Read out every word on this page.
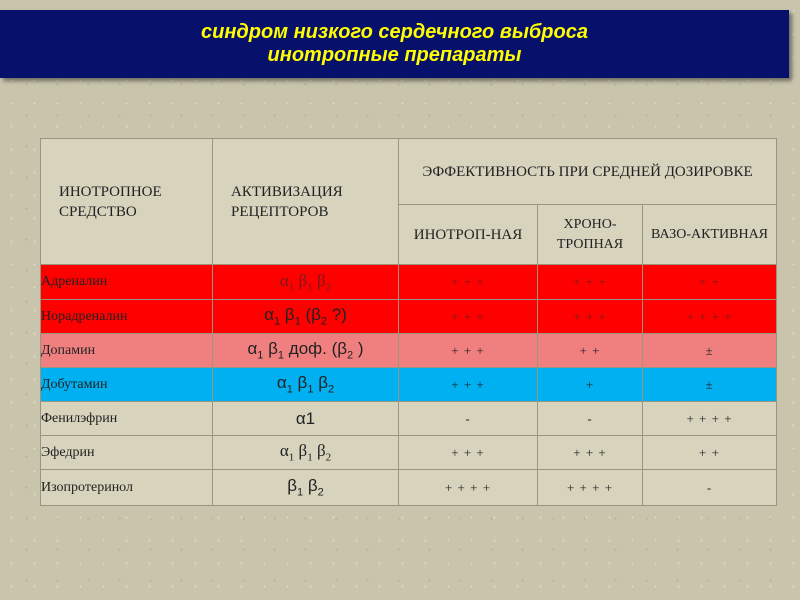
синдром низкого сердечного выброса
инотропные препараты
ИНОТРОПНОЕ СРЕДСТВО	АКТИВИЗАЦИЯ РЕЦЕПТОРОВ	ЭФФЕКТИВНОСТЬ ПРИ СРЕДНЕЙ ДОЗИРОВКЕ		
		ИНОТРОП-НАЯ	ХРОНО-ТРОПНАЯ	ВАЗО-АКТИВНАЯ
Адреналин	$\alpha_1$ $\beta_1$ $\beta_2$	+ + +	+ + +	+ +
Норадреналин	$\alpha_1$ $\beta_1$ ($\beta_2$ ?)	+ + +	+ + +	+ + + +
Допамин	$\alpha_1$ $\beta_1$ доф. ($\beta_2$ )	+ + +	+ +	±
Добутамин	$\alpha_1$ $\beta_1$ $\beta_2$	+ + +	+	±
Фенилэфрин	α1	-	-	+ + + +
Эфедрин	$\alpha_1$ $\beta_1$ $\beta_2$	+ + +	+ + +	+ +
Изопротеринол	$\beta_1$ $\beta_2$	+ + + +	+ + + +	-
